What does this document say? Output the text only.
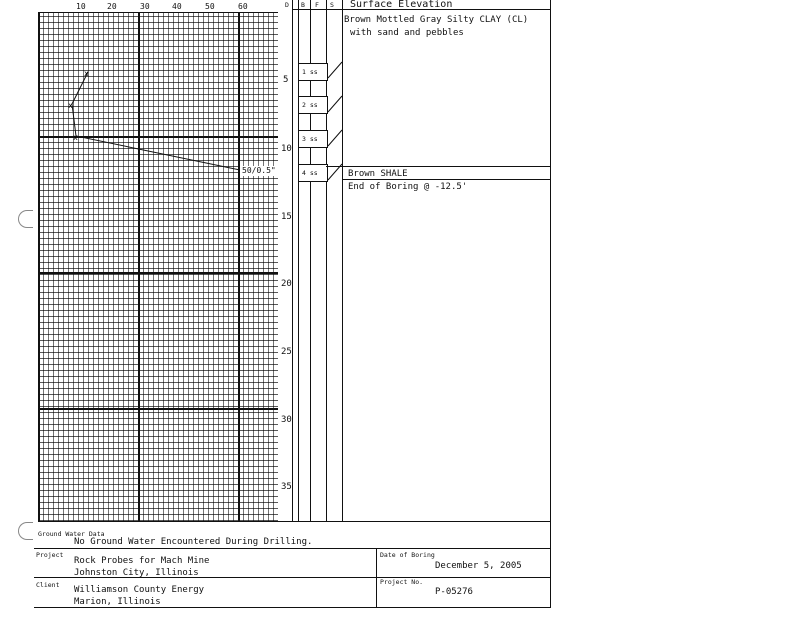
10	20	30	40	50	60
x
x
x
50/0.5"
5
10
15
20
25
30
35
D B F S
1 ss
2 ss
3 ss
4 ss
Surface Elevation
Brown Mottled Gray Silty CLAY (CL)
with sand and pebbles
Brown SHALE
End of Boring @ -12.5'
Ground Water Data
No Ground Water Encountered During Drilling.
Project
Rock Probes for Mach Mine
Johnston City, Illinois
Date of Boring
December 5, 2005
Client Williamson County Energy
Marion, Illinois
Project No.
P-05276
